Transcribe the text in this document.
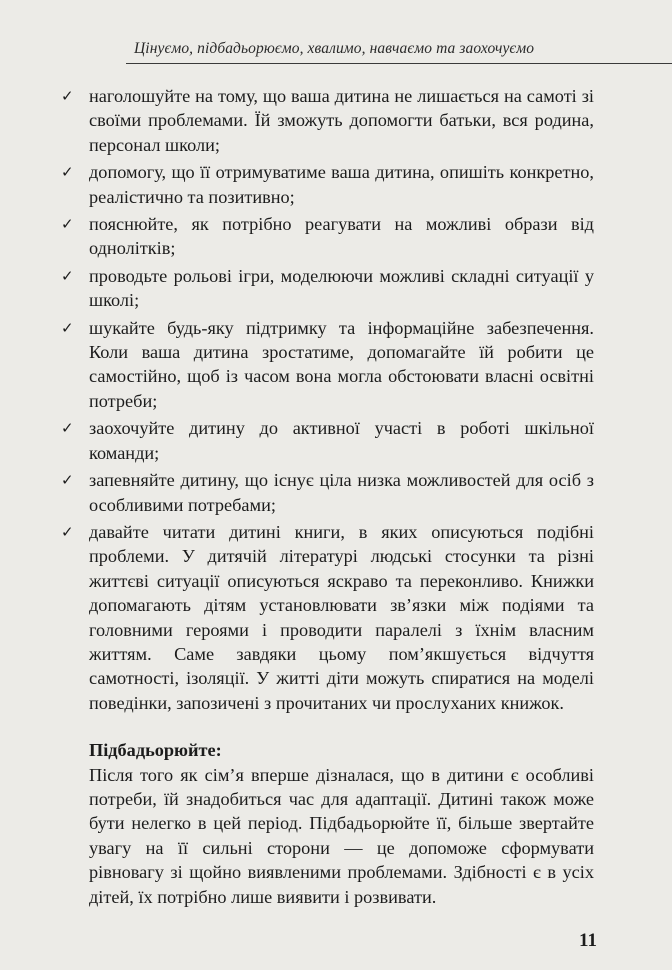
Цінуємо, підбадьорюємо, хвалимо, навчаємо та заохочуємо
✓ наголошуйте на тому, що ваша дитина не лишається на самоті зі своїми проблемами. Їй зможуть допомогти батьки, вся родина, персонал школи;
✓ допомогу, що її отримуватиме ваша дитина, опишіть конкретно, реалістично та позитивно;
✓ пояснюйте, як потрібно реагувати на можливі образи від однолітків;
✓ проводьте рольові ігри, моделюючи можливі складні ситуації у школі;
✓ шукайте будь-яку підтримку та інформаційне забезпечення. Коли ваша дитина зростатиме, допомагайте їй робити це самостійно, щоб із часом вона могла обстоювати власні освітні потреби;
✓ заохочуйте дитину до активної участі в роботі шкільної команди;
✓ запевняйте дитину, що існує ціла низка можливостей для осіб з особливими потребами;
✓ давайте читати дитині книги, в яких описуються подібні проблеми. У дитячій літературі людські стосунки та різні життєві ситуації описуються яскраво та переконливо. Книжки допомагають дітям установлювати зв’язки між подіями та головними героями і проводити паралелі з їхнім власним життям. Саме завдяки цьому пом’якшується відчуття самотності, ізоляції. У житті діти можуть спиратися на моделі поведінки, запозичені з прочитаних чи прослуханих книжок.

Підбадьорюйте:

Після того як сім’я вперше дізналася, що в дитини є особливі потреби, їй знадобиться час для адаптації. Дитині також може бути нелегко в цей період. Підбадьорюйте її, більше звертайте увагу на її сильні сторони — це допоможе сформувати рівновагу зі щойно виявленими проблемами. Здібності є в усіх дітей, їх потрібно лише виявити і розвивати.

11
